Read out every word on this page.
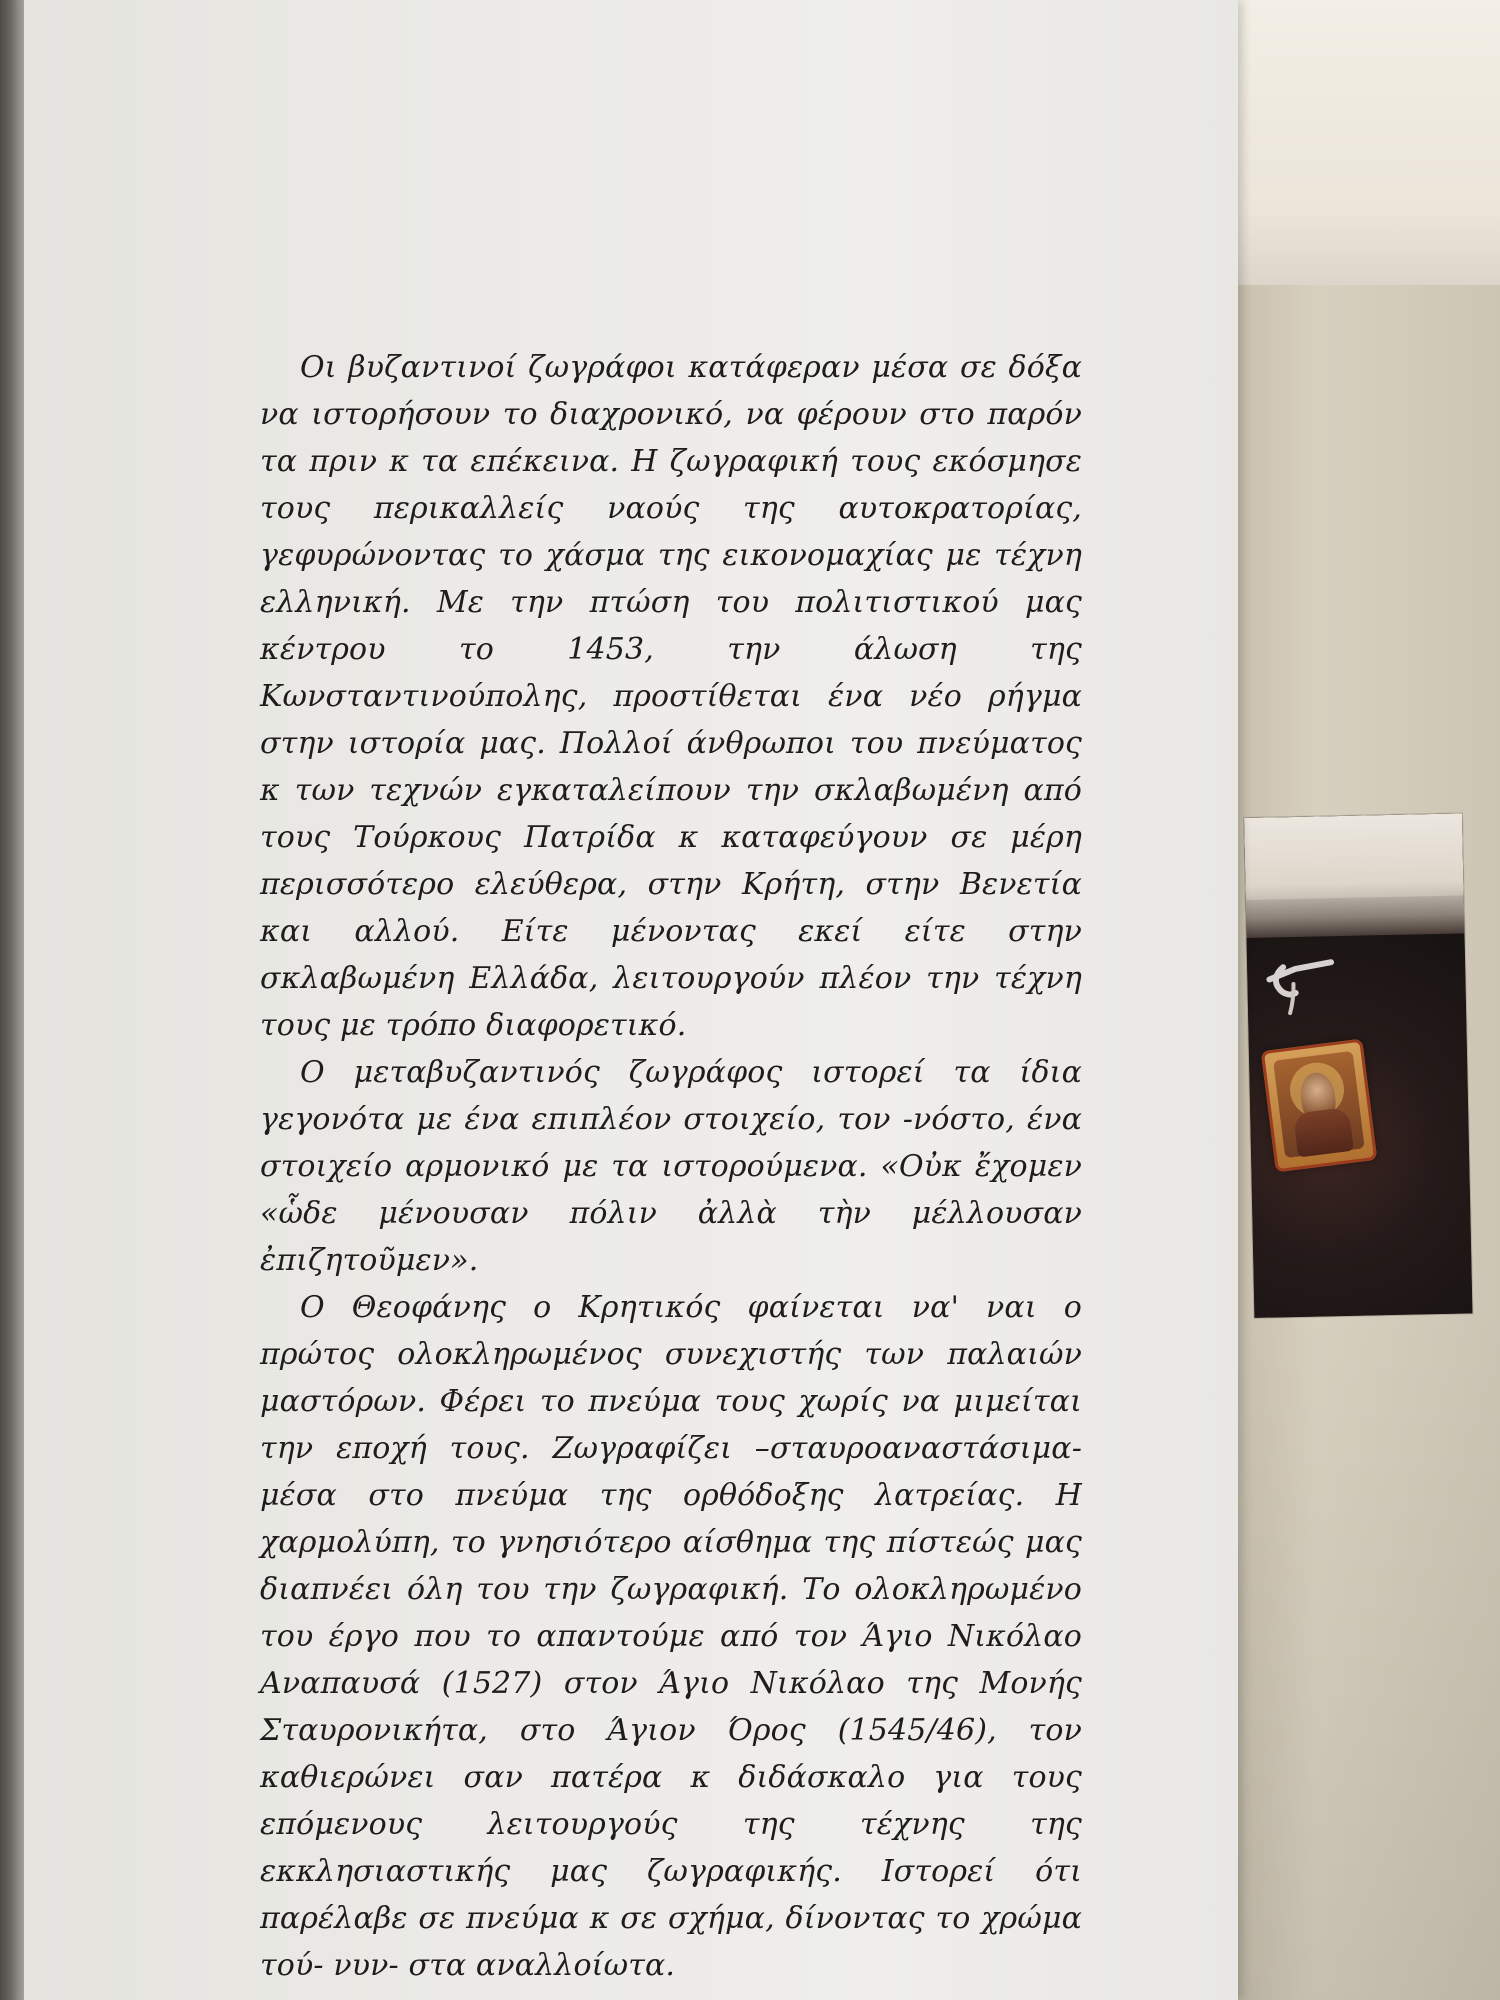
Οι βυζαντινοί ζωγράφοι κατάφεραν μέσα σε δόξα να ιστορήσουν το διαχρονικό, να φέρουν στο παρόν τα πριν κ τα επέκεινα. Η ζωγραφική τους εκόσμησε τους περικαλλείς ναούς της αυτοκρατορίας, γεφυρώνοντας το χάσμα της εικονομαχίας με τέχνη ελληνική. Με την πτώση του πολιτιστικού μας κέντρου το 1453, την άλωση της Κωνσταντινούπολης, προστίθεται ένα νέο ρήγμα στην ιστορία μας. Πολλοί άνθρωποι του πνεύματος κ των τεχνών εγκαταλείπουν την σκλαβωμένη από τους Τούρκους Πατρίδα κ καταφεύγουν σε μέρη περισσότερο ελεύθερα, στην Κρήτη, στην Βενετία και αλλού. Είτε μένοντας εκεί είτε στην σκλαβωμένη Ελλάδα, λειτουργούν πλέον την τέχνη τους με τρόπο διαφορετικό.

Ο μεταβυζαντινός ζωγράφος ιστορεί τα ίδια γεγονότα με ένα επιπλέον στοιχείο, τον -νόστο, ένα στοιχείο αρμονικό με τα ιστορούμενα. «Οὐκ ἔχομεν «ὧδε μένουσαν πόλιν ἀλλὰ τὴν μέλλουσαν ἐπιζητοῦμεν».

Ο Θεοφάνης ο Κρητικός φαίνεται να' ναι ο πρώτος ολοκληρωμένος συνεχιστής των παλαιών μαστόρων. Φέρει το πνεύμα τους χωρίς να μιμείται την εποχή τους. Ζωγραφίζει –σταυροαναστάσιμα- μέσα στο πνεύμα της ορθόδοξης λατρείας. Η χαρμολύπη, το γνησιότερο αίσθημα της πίστεώς μας διαπνέει όλη του την ζωγραφική. Το ολοκληρωμένο του έργο που το απαντούμε από τον Άγιο Νικόλαο Αναπαυσά (1527) στον Άγιο Νικόλαο της Μονής Σταυρονικήτα, στο Άγιον Όρος (1545/46), τον καθιερώνει σαν πατέρα κ διδάσκαλο για τους επόμενους λειτουργούς της τέχνης της εκκλησιαστικής μας ζωγραφικής. Ιστορεί ότι παρέλαβε σε πνεύμα κ σε σχήμα, δίνοντας το χρώμα τού- νυν- στα αναλλοίωτα.
